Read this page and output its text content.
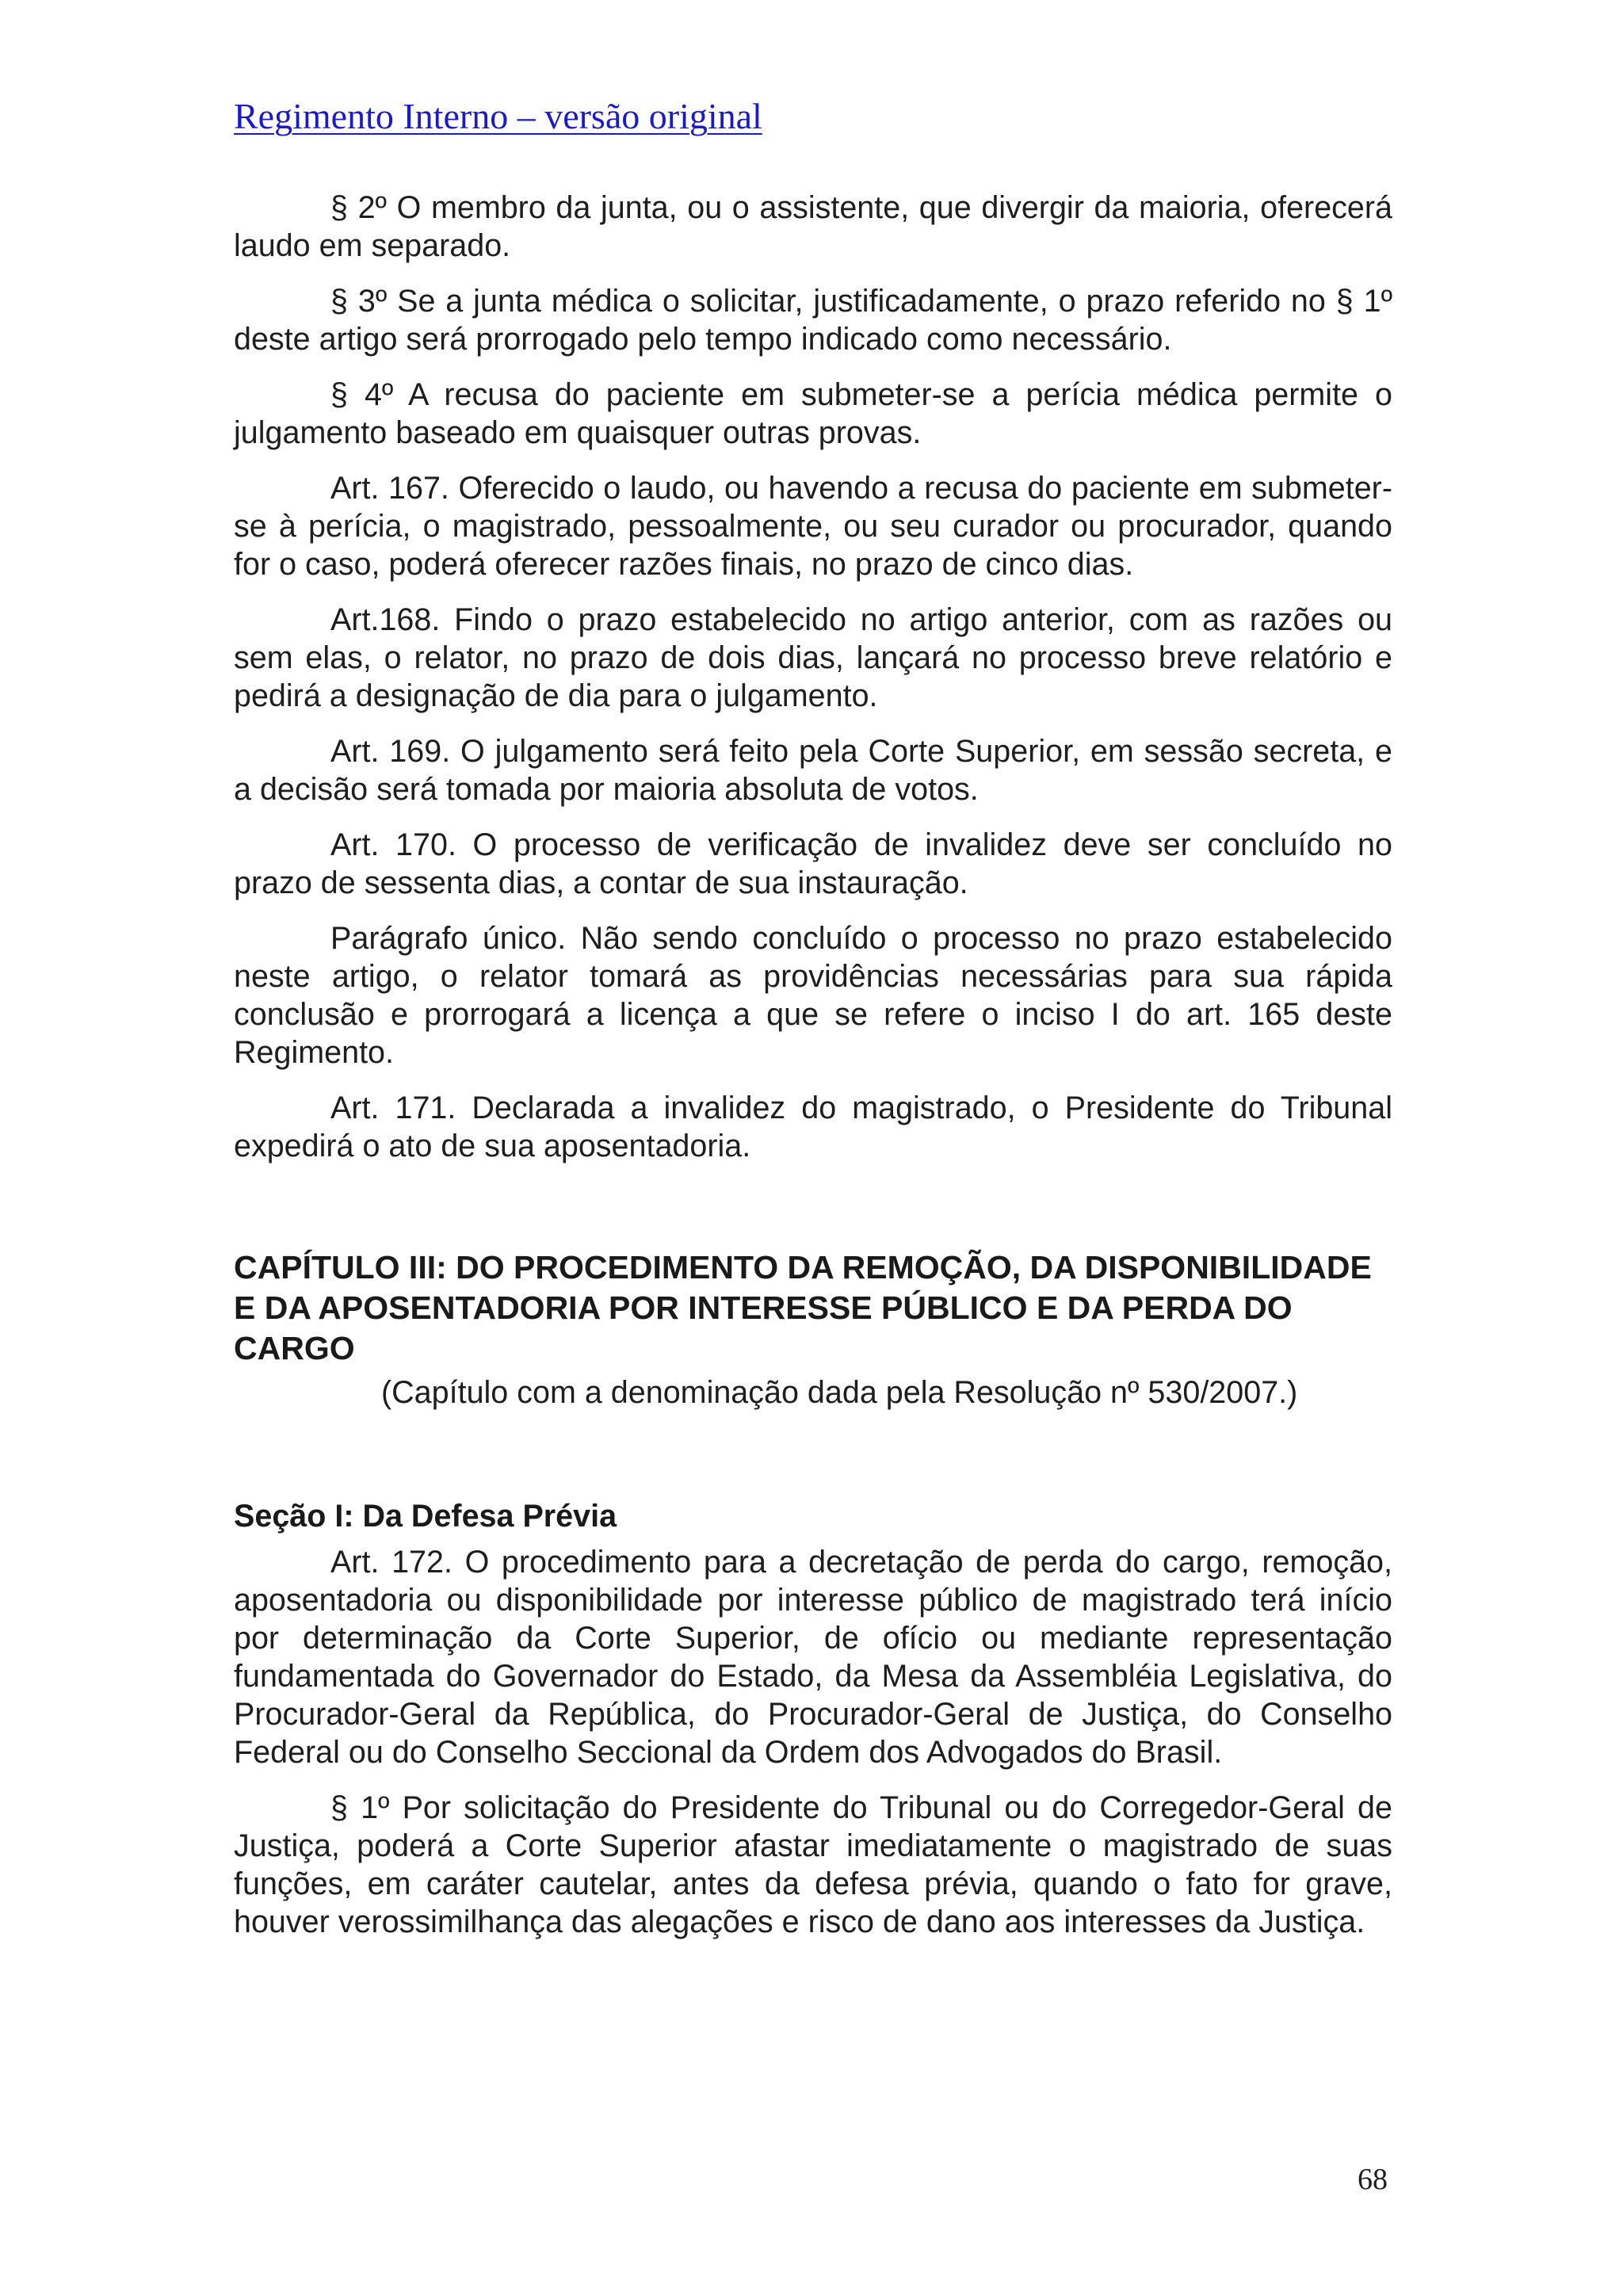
Regimento Interno – versão original

§ 2º O membro da junta, ou o assistente, que divergir da maioria, oferecerá laudo em separado.

§ 3º Se a junta médica o solicitar, justificadamente, o prazo referido no § 1º deste artigo será prorrogado pelo tempo indicado como necessário.

§ 4º A recusa do paciente em submeter-se a perícia médica permite o julgamento baseado em quaisquer outras provas.

Art. 167. Oferecido o laudo, ou havendo a recusa do paciente em submeter-se à perícia, o magistrado, pessoalmente, ou seu curador ou procurador, quando for o caso, poderá oferecer razões finais, no prazo de cinco dias.

Art.168. Findo o prazo estabelecido no artigo anterior, com as razões ou sem elas, o relator, no prazo de dois dias, lançará no processo breve relatório e pedirá a designação de dia para o julgamento.

Art. 169. O julgamento será feito pela Corte Superior, em sessão secreta, e a decisão será tomada por maioria absoluta de votos.

Art. 170. O processo de verificação de invalidez deve ser concluído no prazo de sessenta dias, a contar de sua instauração.

Parágrafo único. Não sendo concluído o processo no prazo estabelecido neste artigo, o relator tomará as providências necessárias para sua rápida conclusão e prorrogará a licença a que se refere o inciso I do art. 165 deste Regimento.

Art. 171. Declarada a invalidez do magistrado, o Presidente do Tribunal expedirá o ato de sua aposentadoria.

CAPÍTULO III: DO PROCEDIMENTO DA REMOÇÃO, DA DISPONIBILIDADE E DA APOSENTADORIA POR INTERESSE PÚBLICO E DA PERDA DO CARGO
(Capítulo com a denominação dada pela Resolução nº 530/2007.)
Seção I: Da Defesa Prévia

Art. 172. O procedimento para a decretação de perda do cargo, remoção, aposentadoria ou disponibilidade por interesse público de magistrado terá início por determinação da Corte Superior, de ofício ou mediante representação fundamentada do Governador do Estado, da Mesa da Assembléia Legislativa, do Procurador-Geral da República, do Procurador-Geral de Justiça, do Conselho Federal ou do Conselho Seccional da Ordem dos Advogados do Brasil.

§ 1º Por solicitação do Presidente do Tribunal ou do Corregedor-Geral de Justiça, poderá a Corte Superior afastar imediatamente o magistrado de suas funções, em caráter cautelar, antes da defesa prévia, quando o fato for grave, houver verossimilhança das alegações e risco de dano aos interesses da Justiça.

68
